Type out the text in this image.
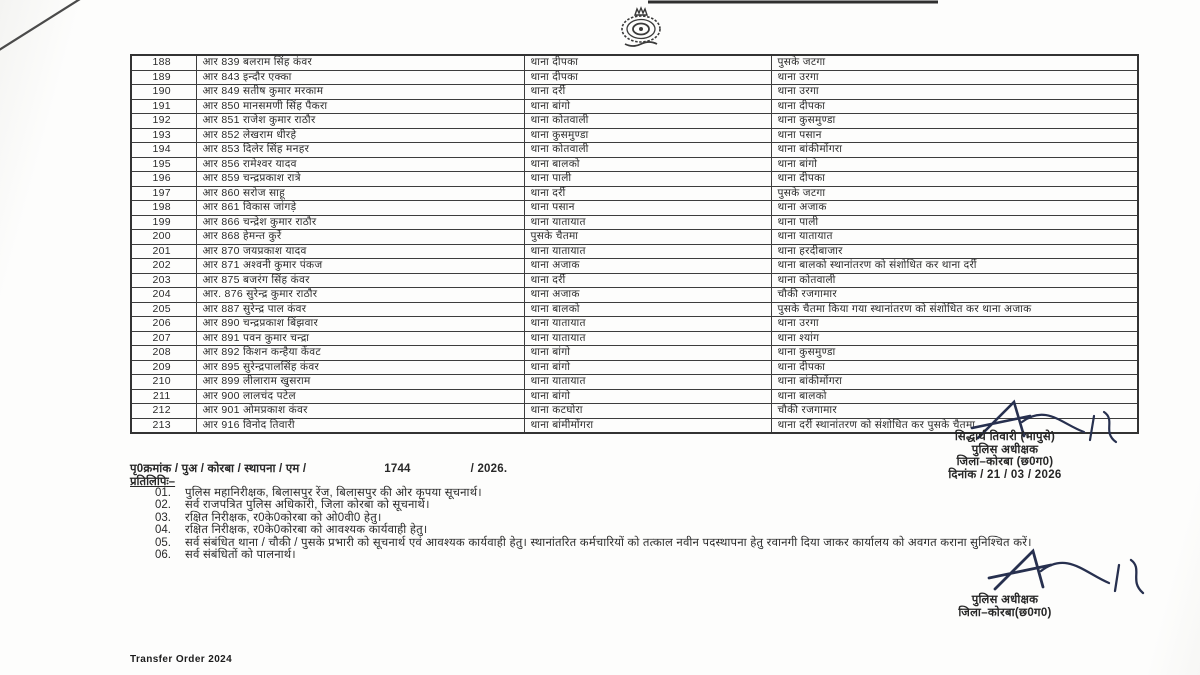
188	आर 839 बलराम सिंह कंवर	थाना दीपका	पुसके जटगा
189	आर 843 इन्दौर एक्का	थाना दीपका	थाना उरगा
190	आर 849 सतीष कुमार मरकाम	थाना दर्री	थाना उरगा
191	आर 850 मानसमणी सिंह पैकरा	थाना बांगो	थाना दीपका
192	आर 851 राजेश कुमार राठौर	थाना कोतवाली	थाना कुसमुण्डा
193	आर 852 लेखराम धीरहे	थाना कुसमुण्डा	थाना पसान
194	आर 853 दिलेर सिंह मनहर	थाना कोतवाली	थाना बांकीमोंगरा
195	आर 856 रामेश्वर यादव	थाना बालको	थाना बांगो
196	आर 859 चन्द्रप्रकाश रात्रे	थाना पाली	थाना दीपका
197	आर 860 सरोज साहू	थाना दर्री	पुसके जटगा
198	आर 861 विकास जांगड़े	थाना पसान	थाना अजाक
199	आर 866 चन्द्रेश कुमार राठौर	थाना यातायात	थाना पाली
200	आर 868 हेमन्त कुर्रे	पुसके चैतमा	थाना यातायात
201	आर 870 जयप्रकाश यादव	थाना यातायात	थाना हरदीबाजार
202	आर 871 अश्वनी कुमार पंकज	थाना अजाक	थाना बालको स्थानांतरण को संशोधित कर थाना दर्री
203	आर 875 बजरंग सिंह कंवर	थाना दर्री	थाना कोतवाली
204	आर. 876 सुरेन्द्र कुमार राठौर	थाना अजाक	चौकी रजगामार
205	आर 887 सुरेन्द्र पाल कंवर	थाना बालको	पुसके चैतमा किया गया स्थानांतरण को संशोधित कर थाना अजाक
206	आर 890 चन्द्रप्रकाश बिंझवार	थाना यातायात	थाना उरगा
207	आर 891 पवन कुमार चन्द्रा	थाना यातायात	थाना श्यांग
208	आर 892 किशन कन्हैया केंवट	थाना बांगो	थाना कुसमुण्डा
209	आर 895 सुरेन्द्रपालसिंह कंवर	थाना बांगो	थाना दीपका
210	आर 899 लीलाराम खुसराम	थाना यातायात	थाना बांकीमोंगरा
211	आर 900 लालचंद पटेल	थाना बांगो	थाना बालको
212	आर 901 ओमप्रकाश कंवर	थाना कटघोरा	चौकी रजगामार
213	आर 916 विनोद तिवारी	थाना बांमीमोंगरा	थाना दर्री स्थानांतरण को संशोधित कर पुसके चैतमा
सिद्धार्थ तिवारी (भापुसे)
पुलिस अधीक्षक
जिला–कोरबा (छ0ग0)
दिनांक / 21 / 03 / 2026
पृ0क्रमांक / पुअ / कोरबा / स्थापना / एम /	1744	/ 2026.
प्रतिलिपिः–
01.	पुलिस महानिरीक्षक, बिलासपुर रेंज, बिलासपुर की ओर कृपया सूचनार्थ।
02.	सर्व राजपत्रित पुलिस अधिकारी, जिला कोरबा को सूचनार्थ।
03.	रक्षित निरीक्षक, र0के0कोरबा को ओ0वी0 हेतु।
04.	रक्षित निरीक्षक, र0के0कोरबा को आवश्यक कार्यवाही हेतु।
05.	सर्व संबंधित थाना / चौकी / पुसके प्रभारी को सूचनार्थ एवं आवश्यक कार्यवाही हेतु। स्थानांतरित कर्मचारियों को तत्काल नवीन पदस्थापना हेतु रवानगी दिया जाकर कार्यालय को अवगत कराना सुनिश्चित करें।
06.	सर्व संबंधितों को पालनार्थ।
पुलिस अधीक्षक
जिला–कोरबा(छ0ग0)
Transfer Order 2024
